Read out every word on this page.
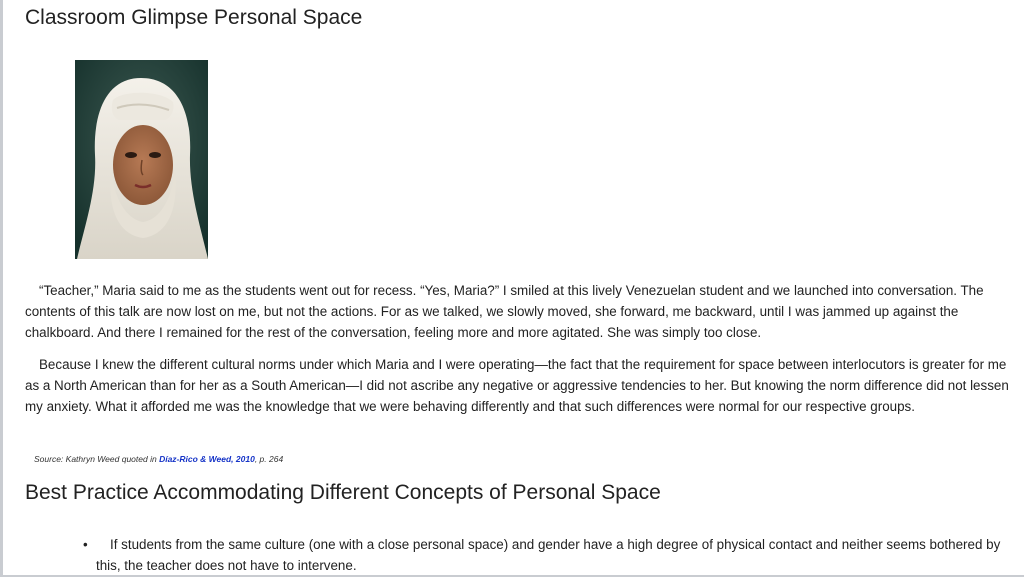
Classroom Glimpse Personal Space

“Teacher,” Maria said to me as the students went out for recess. “Yes, Maria?” I smiled at this lively Venezuelan student and we launched into conversation. The contents of this talk are now lost on me, but not the actions. For as we talked, we slowly moved, she forward, me backward, until I was jammed up against the chalkboard. And there I remained for the rest of the conversation, feeling more and more agitated. She was simply too close.

Because I knew the different cultural norms under which Maria and I were operating—the fact that the requirement for space between interlocutors is greater for me as a North American than for her as a South American—I did not ascribe any negative or aggressive tendencies to her. But knowing the norm difference did not lessen my anxiety. What it afforded me was the knowledge that we were behaving differently and that such differences were normal for our respective groups.

Source: Kathryn Weed quoted in Díaz-Rico & Weed, 2010, p. 264
Best Practice Accommodating Different Concepts of Personal Space
• If students from the same culture (one with a close personal space) and gender have a high degree of physical contact and neither seems bothered by this, the teacher does not have to intervene.
